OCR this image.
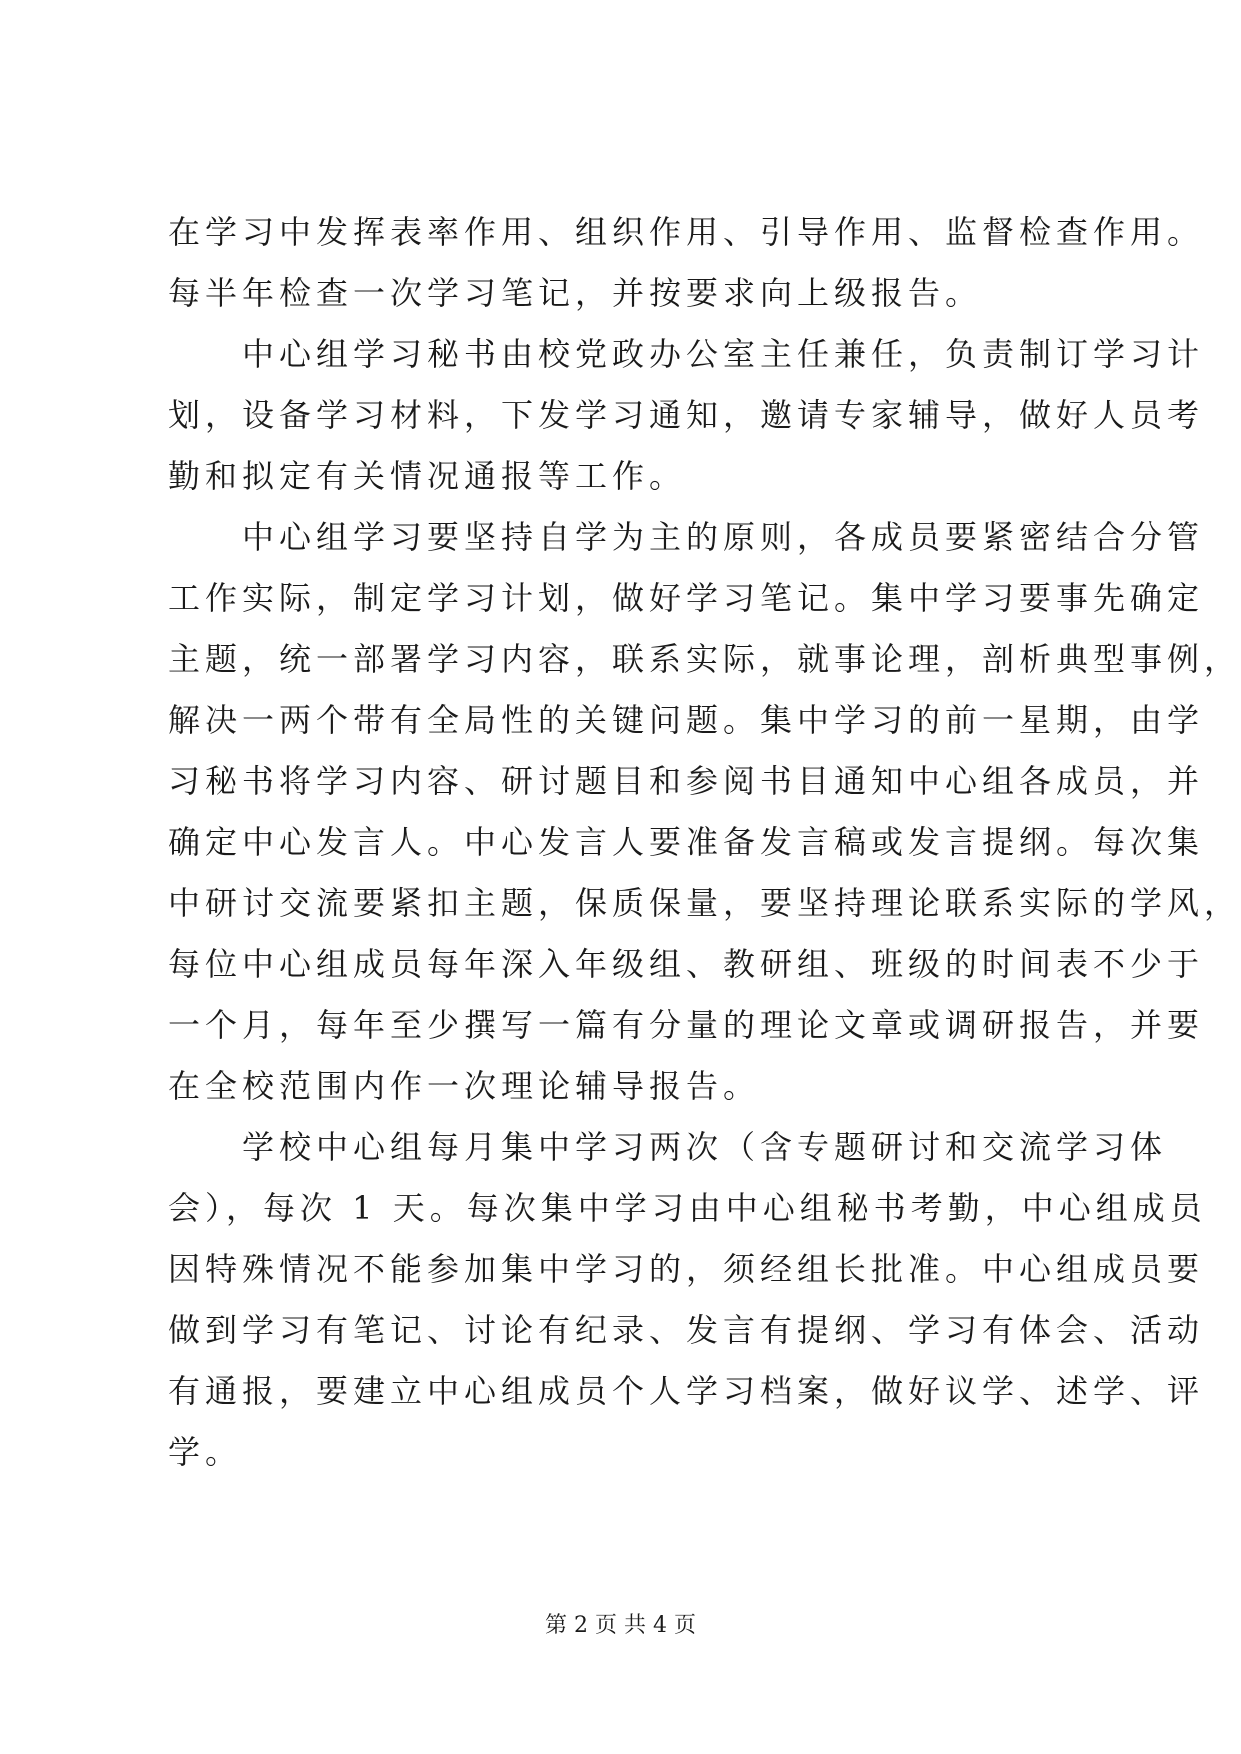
在学习中发挥表率作用、组织作用、引导作用、监督检查作用。
每半年检查一次学习笔记，并按要求向上级报告。
　　中心组学习秘书由校党政办公室主任兼任，负责制订学习计
划，设备学习材料，下发学习通知，邀请专家辅导，做好人员考
勤和拟定有关情况通报等工作。
　　中心组学习要坚持自学为主的原则，各成员要紧密结合分管
工作实际，制定学习计划，做好学习笔记。集中学习要事先确定
主题，统一部署学习内容，联系实际，就事论理，剖析典型事例，
解决一两个带有全局性的关键问题。集中学习的前一星期，由学
习秘书将学习内容、研讨题目和参阅书目通知中心组各成员，并
确定中心发言人。中心发言人要准备发言稿或发言提纲。每次集
中研讨交流要紧扣主题，保质保量，要坚持理论联系实际的学风，
每位中心组成员每年深入年级组、教研组、班级的时间表不少于
一个月，每年至少撰写一篇有分量的理论文章或调研报告，并要
在全校范围内作一次理论辅导报告。
　　学校中心组每月集中学习两次（含专题研讨和交流学习体
会），每次 1 天。每次集中学习由中心组秘书考勤，中心组成员
因特殊情况不能参加集中学习的，须经组长批准。中心组成员要
做到学习有笔记、讨论有纪录、发言有提纲、学习有体会、活动
有通报，要建立中心组成员个人学习档案，做好议学、述学、评
学。
第 2 页 共 4 页
